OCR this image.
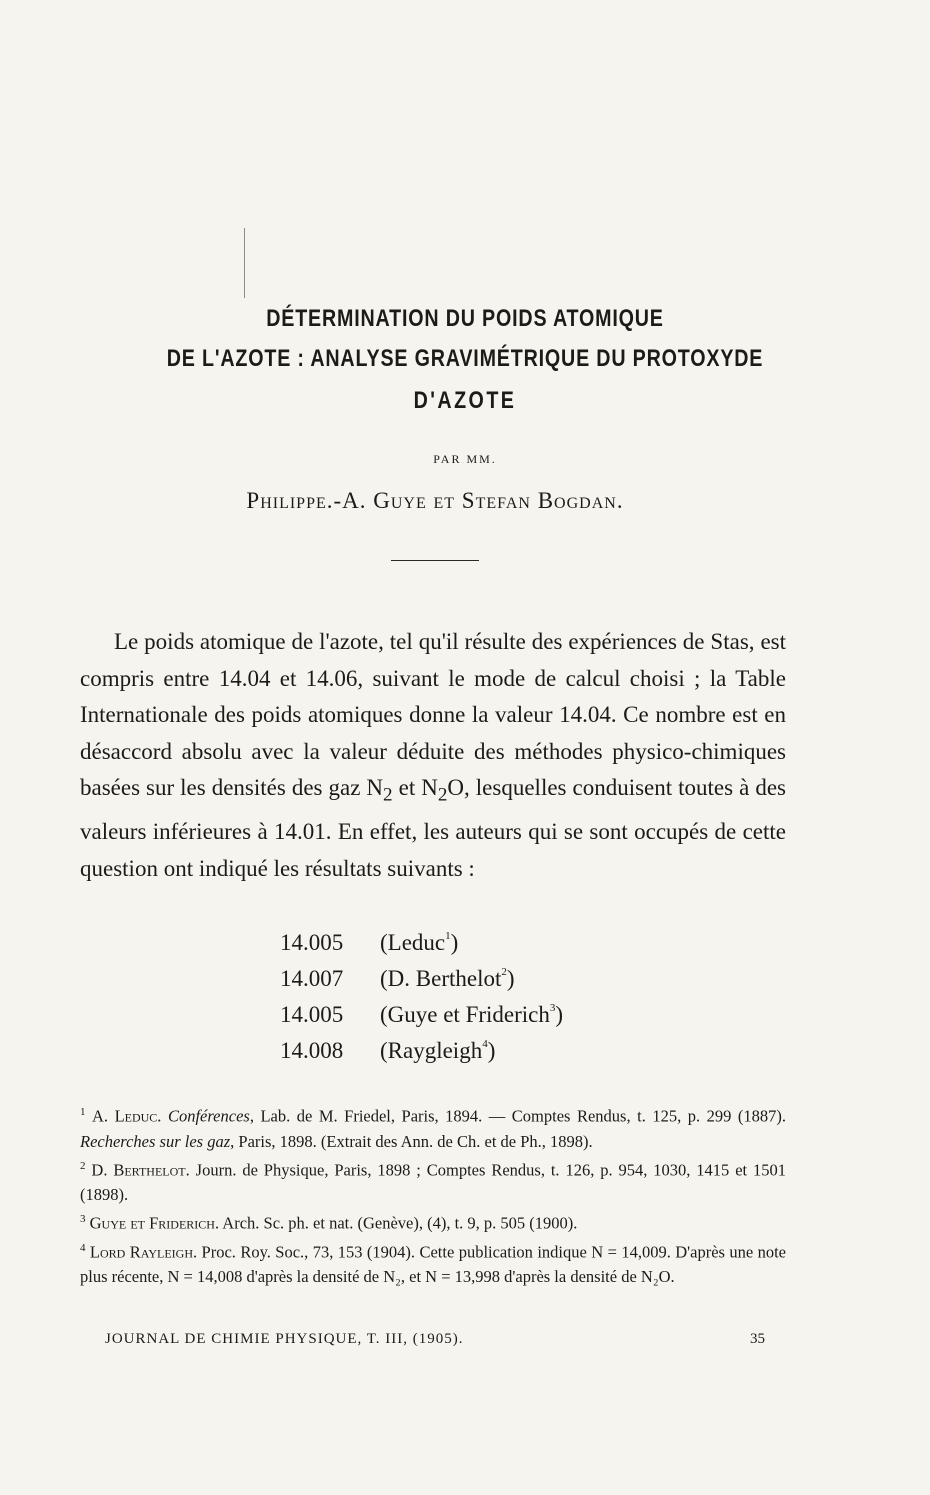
DÉTERMINATION DU POIDS ATOMIQUE
DE L'AZOTE : ANALYSE GRAVIMÉTRIQUE DU PROTOXYDE
D'AZOTE
PAR MM.
Philippe.-A. Guye et Stefan Bogdan.

Le poids atomique de l'azote, tel qu'il résulte des expériences de Stas, est compris entre 14.04 et 14.06, suivant le mode de calcul choisi ; la Table Internationale des poids atomiques donne la valeur 14.04. Ce nombre est en désaccord absolu avec la valeur déduite des méthodes physico-chimiques basées sur les densités des gaz $N_2$ et $N_2O$, lesquelles conduisent toutes à des valeurs inférieures à 14.01. En effet, les auteurs qui se sont occupés de cette question ont indiqué les résultats suivants :

14.005	(Leduc 1 )
14.007	(D. Berthelot 2 )
14.005	(Guye et Friderich 3 )
14.008	(Raygleigh 4 )

$^1$ A. Leduc. Conférences, Lab. de M. Friedel, Paris, 1894. — Comptes Rendus, t. 125, p. 299 (1887). Recherches sur les gaz, Paris, 1898. (Extrait des Ann. de Ch. et de Ph., 1898).

$^2$ D. Berthelot. Journ. de Physique, Paris, 1898 ; Comptes Rendus, t. 126, p. 954, 1030, 1415 et 1501 (1898).

$^3$ Guye et Friderich. Arch. Sc. ph. et nat. (Genève), (4), t. 9, p. 505 (1900).

$^4$ Lord Rayleigh. Proc. Roy. Soc., 73, 153 (1904). Cette publication indique N = 14,009. D'après une note plus récente, N = 14,008 d'après la densité de N₂, et N = 13,998 d'après la densité de N₂O.

JOURNAL DE CHIMIE PHYSIQUE, T. III, (1905).	35
